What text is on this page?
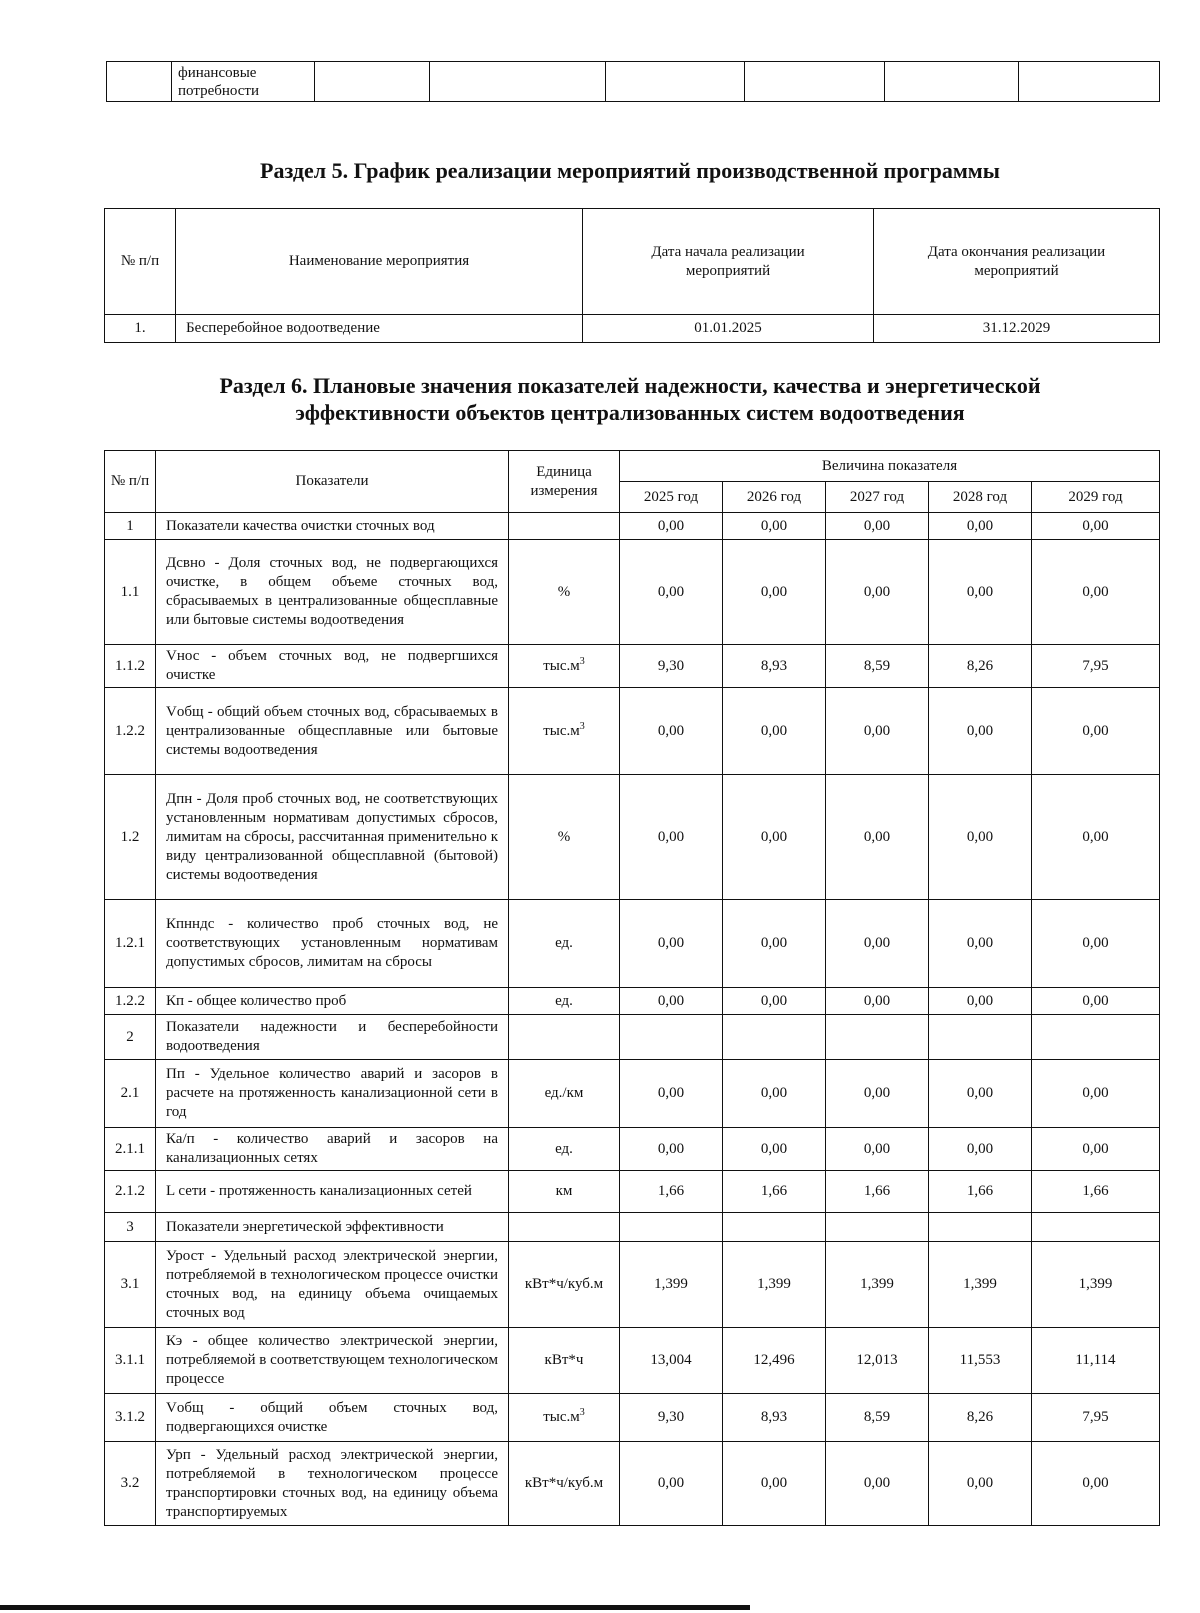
	финансовые потребности						
Раздел 5. График реализации мероприятий производственной программы
№ п/п	Наименование мероприятия	Дата начала реализации мероприятий	Дата окончания реализации мероприятий
1.	Бесперебойное водоотведение	01.01.2025	31.12.2029
Раздел 6. Плановые значения показателей надежности, качества и энергетической эффективности объектов централизованных систем водоотведения
№ п/п	Показатели	Единица измерения	Величина показателя				
			2025 год	2026 год	2027 год	2028 год	2029 год
1	Показатели качества очистки сточных вод		0,00	0,00	0,00	0,00	0,00
1.1	Дсвно - Доля сточных вод, не подвергающихся очистке, в общем объеме сточных вод, сбрасываемых в централизованные общесплавные или бытовые системы водоотведения	%	0,00	0,00	0,00	0,00	0,00
1.1.2	Vнос - объем сточных вод, не подвергшихся очистке	$тыс.м^3$	9,30	8,93	8,59	8,26	7,95
1.2.2	Vобщ - общий объем сточных вод, сбрасываемых в централизованные общесплавные или бытовые системы водоотведения	$тыс.м^3$	0,00	0,00	0,00	0,00	0,00
1.2	Дпн - Доля проб сточных вод, не соответствующих установленным нормативам допустимых сбросов, лимитам на сбросы, рассчитанная применительно к виду централизованной общесплавной (бытовой) системы водоотведения	%	0,00	0,00	0,00	0,00	0,00
1.2.1	Кпнндс - количество проб сточных вод, не соответствующих установленным нормативам допустимых сбросов, лимитам на сбросы	ед.	0,00	0,00	0,00	0,00	0,00
1.2.2	Кп - общее количество проб	ед.	0,00	0,00	0,00	0,00	0,00
2	Показатели надежности и бесперебойности водоотведения						
2.1	Пп - Удельное количество аварий и засоров в расчете на протяженность канализационной сети в год	ед./км	0,00	0,00	0,00	0,00	0,00
2.1.1	Ка/п - количество аварий и засоров на канализационных сетях	ед.	0,00	0,00	0,00	0,00	0,00
2.1.2	L сети - протяженность канализационных сетей	км	1,66	1,66	1,66	1,66	1,66
3	Показатели энергетической эффективности						
3.1	Урост - Удельный расход электрической энергии, потребляемой в технологическом процессе очистки сточных вод, на единицу объема очищаемых сточных вод	кВт*ч/куб.м	1,399	1,399	1,399	1,399	1,399
3.1.1	Кэ - общее количество электрической энергии, потребляемой в соответствующем технологическом процессе	кВт*ч	13,004	12,496	12,013	11,553	11,114
3.1.2	Vобщ - общий объем сточных вод, подвергающихся очистке	$тыс.м^3$	9,30	8,93	8,59	8,26	7,95
3.2	Урп - Удельный расход электрической энергии, потребляемой в технологическом процессе транспортировки сточных вод, на единицу объема транспортируемых	кВт*ч/куб.м	0,00	0,00	0,00	0,00	0,00
